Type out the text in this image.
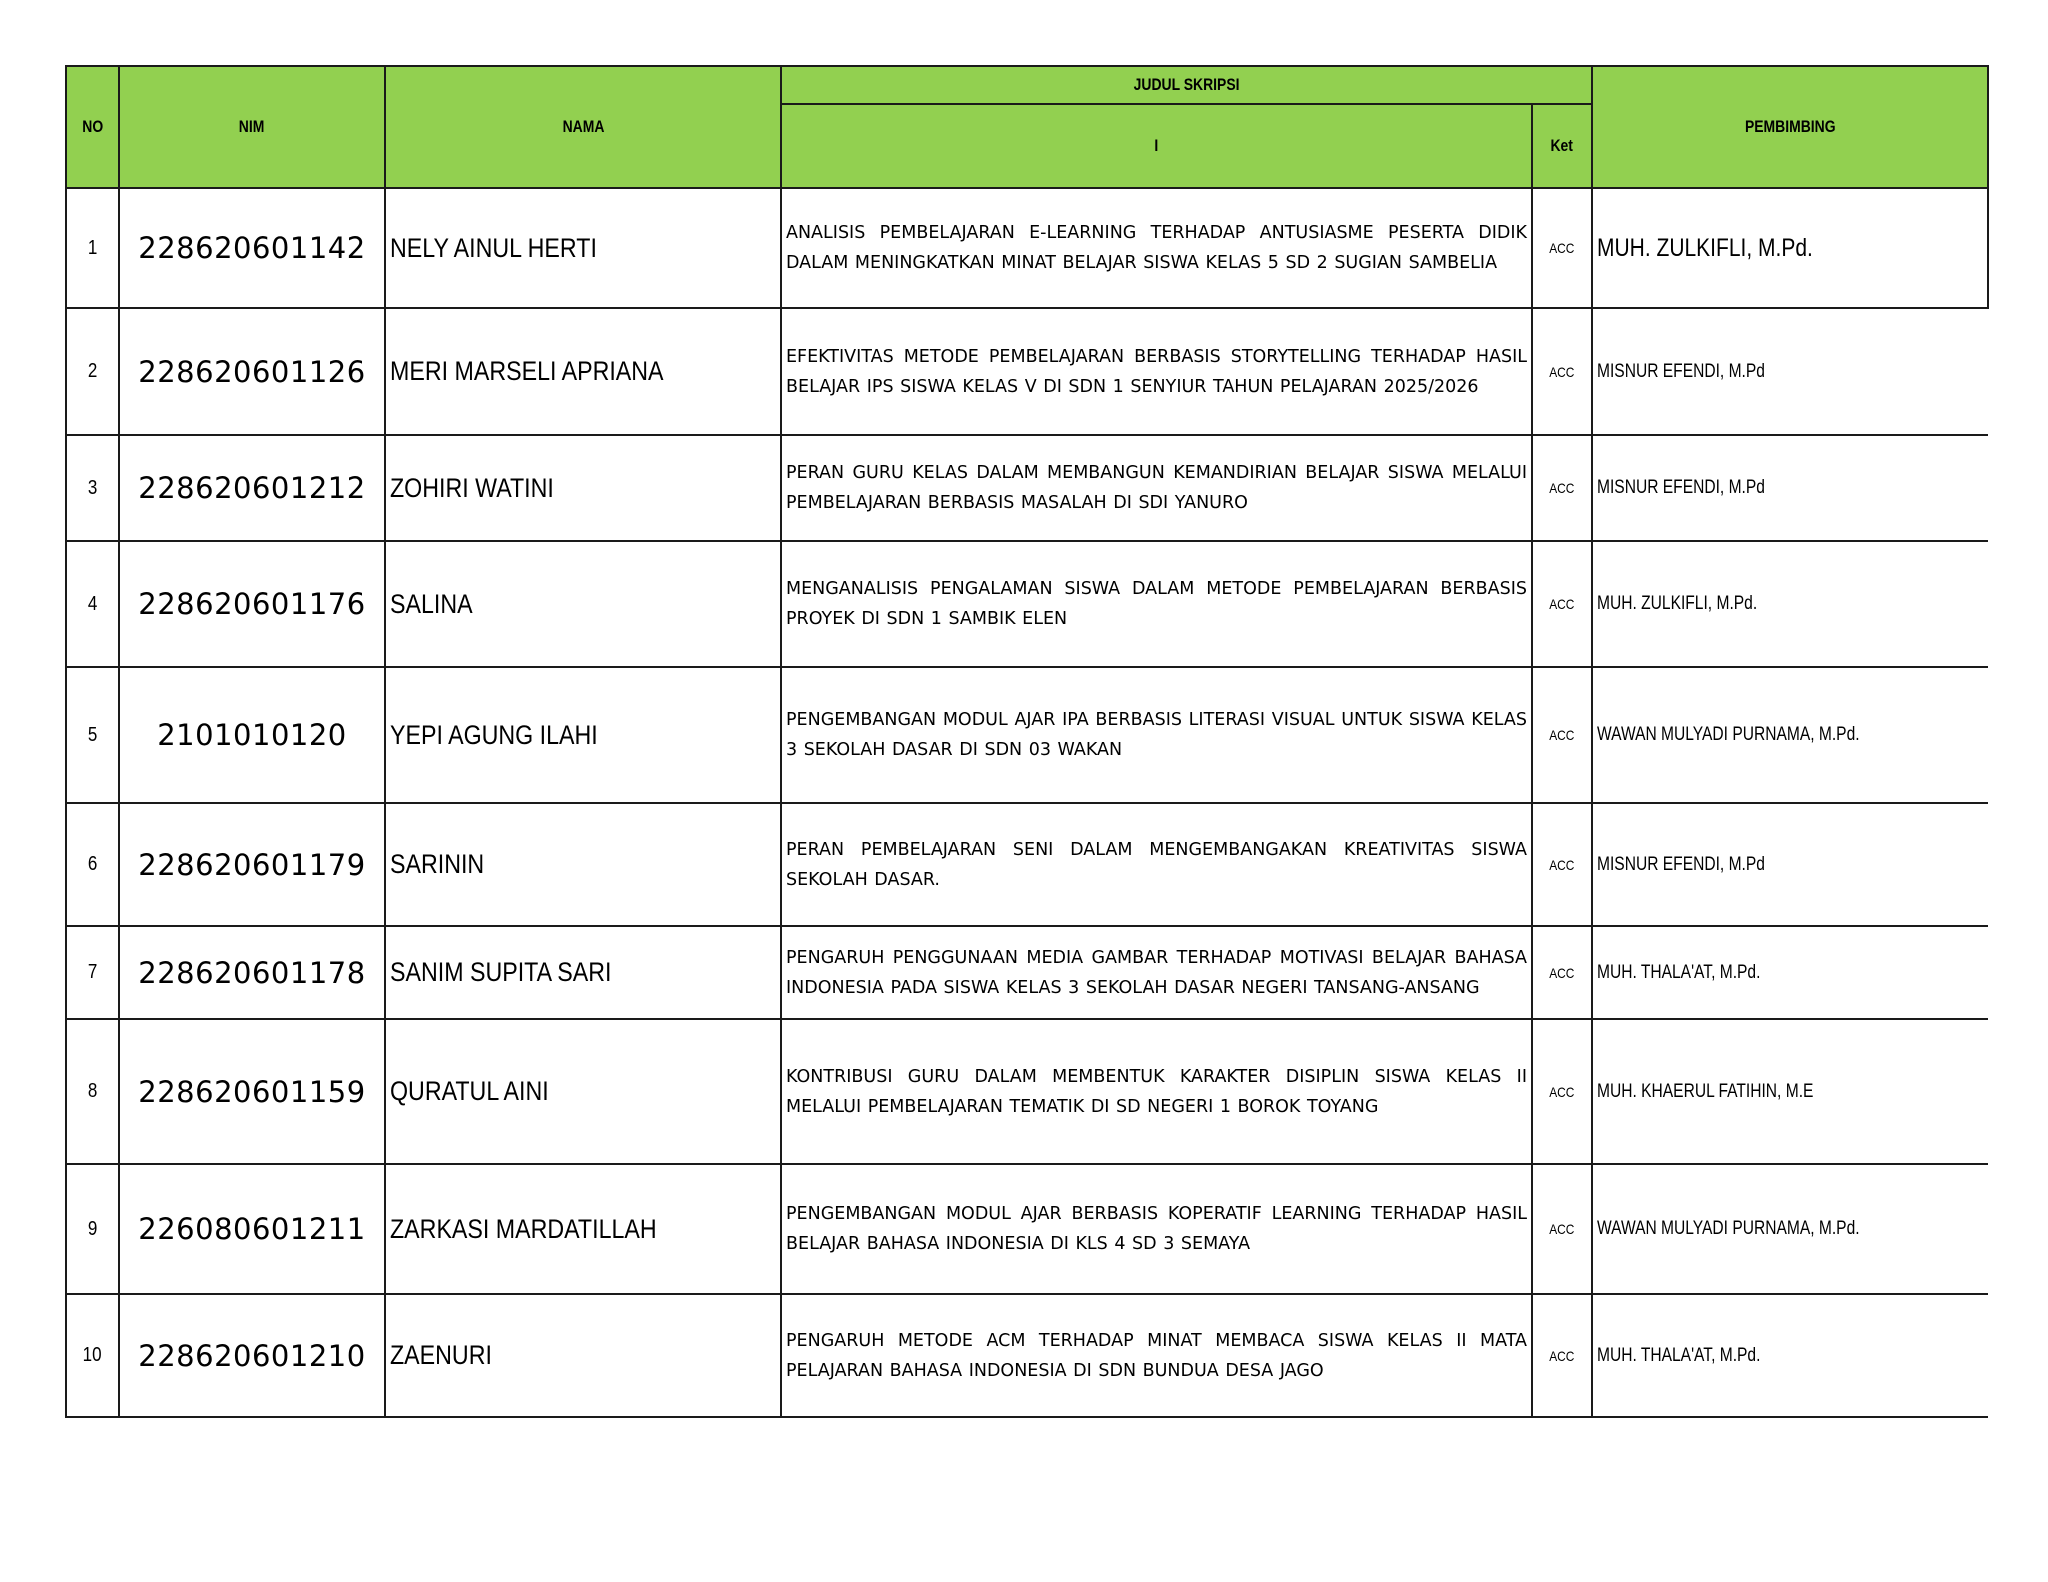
NO	NIM	NAMA	JUDUL SKRIPSI		PEMBIMBING
			I	Ket	
1	228620601142	NELY AINUL HERTI	ANALISIS PEMBELAJARAN E-LEARNING TERHADAP ANTUSIASME PESERTA DIDIK DALAM MENINGKATKAN MINAT BELAJAR SISWA KELAS 5 SD 2 SUGIAN SAMBELIA	ACC	MUH. ZULKIFLI, M.Pd.
2	228620601126	MERI MARSELI APRIANA	EFEKTIVITAS METODE PEMBELAJARAN BERBASIS STORYTELLING TERHADAP HASIL BELAJAR IPS SISWA KELAS V DI SDN 1 SENYIUR TAHUN PELAJARAN 2025/2026	ACC	MISNUR EFENDI, M.Pd
3	228620601212	ZOHIRI WATINI	PERAN GURU KELAS DALAM MEMBANGUN KEMANDIRIAN BELAJAR SISWA MELALUI PEMBELAJARAN BERBASIS MASALAH DI SDI YANURO	ACC	MISNUR EFENDI, M.Pd
4	228620601176	SALINA	MENGANALISIS PENGALAMAN SISWA DALAM METODE PEMBELAJARAN BERBASIS PROYEK DI SDN 1 SAMBIK ELEN	ACC	MUH. ZULKIFLI, M.Pd.
5	2101010120	YEPI AGUNG ILAHI	PENGEMBANGAN MODUL AJAR IPA BERBASIS LITERASI VISUAL UNTUK SISWA KELAS 3 SEKOLAH DASAR DI SDN 03 WAKAN	ACC	WAWAN MULYADI PURNAMA, M.Pd.
6	228620601179	SARININ	PERAN PEMBELAJARAN SENI DALAM MENGEMBANGAKAN KREATIVITAS SISWA SEKOLAH DASAR.	ACC	MISNUR EFENDI, M.Pd
7	228620601178	SANIM SUPITA SARI	PENGARUH PENGGUNAAN MEDIA GAMBAR TERHADAP MOTIVASI BELAJAR BAHASA INDONESIA PADA SISWA KELAS 3 SEKOLAH DASAR NEGERI TANSANG-ANSANG	ACC	MUH. THALA'AT, M.Pd.
8	228620601159	QURATUL AINI	KONTRIBUSI GURU DALAM MEMBENTUK KARAKTER DISIPLIN SISWA KELAS II MELALUI PEMBELAJARAN TEMATIK DI SD NEGERI 1 BOROK TOYANG	ACC	MUH. KHAERUL FATIHIN, M.E
9	226080601211	ZARKASI MARDATILLAH	PENGEMBANGAN MODUL AJAR BERBASIS KOPERATIF LEARNING TERHADAP HASIL BELAJAR BAHASA INDONESIA DI KLS 4 SD 3 SEMAYA	ACC	WAWAN MULYADI PURNAMA, M.Pd.
10	228620601210	ZAENURI	PENGARUH METODE ACM TERHADAP MINAT MEMBACA SISWA KELAS II MATA PELAJARAN BAHASA INDONESIA DI SDN BUNDUA DESA JAGO	ACC	MUH. THALA'AT, M.Pd.
